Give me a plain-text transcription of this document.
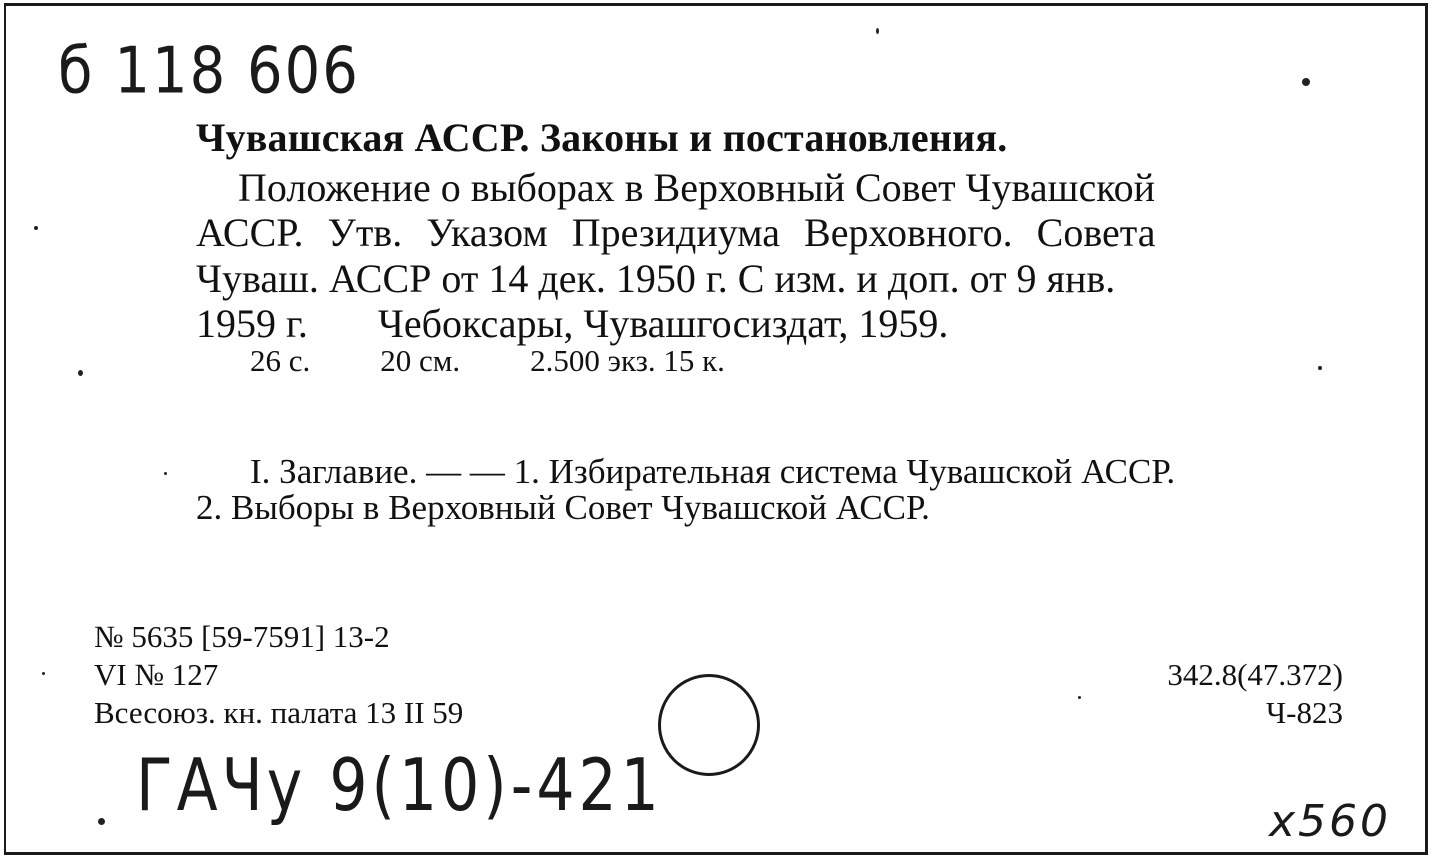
б 118 606
Чувашская АССР. Законы и постановления.
Положение о выборах в Верховный Совет Чувашской
АССР. Утв. Указом Президиума Верховного. Совета
Чуваш. АССР от 14 дек. 1950 г. С изм. и доп. от 9 янв.
1959 г. Чебоксары, Чувашгосиздат, 1959.
26 с. 20 см. 2.500 экз. 15 к.
I. Заглавие. — — 1. Избирательная система Чувашской АССР.
2. Выборы в Верховный Совет Чувашской АССР.
№ 5635 [59-7591] 13-2
VI № 127
Всесоюз. кн. палата 13 II 59
342.8(47.372)
Ч-823
ГАЧу 9(10)-421	х560
